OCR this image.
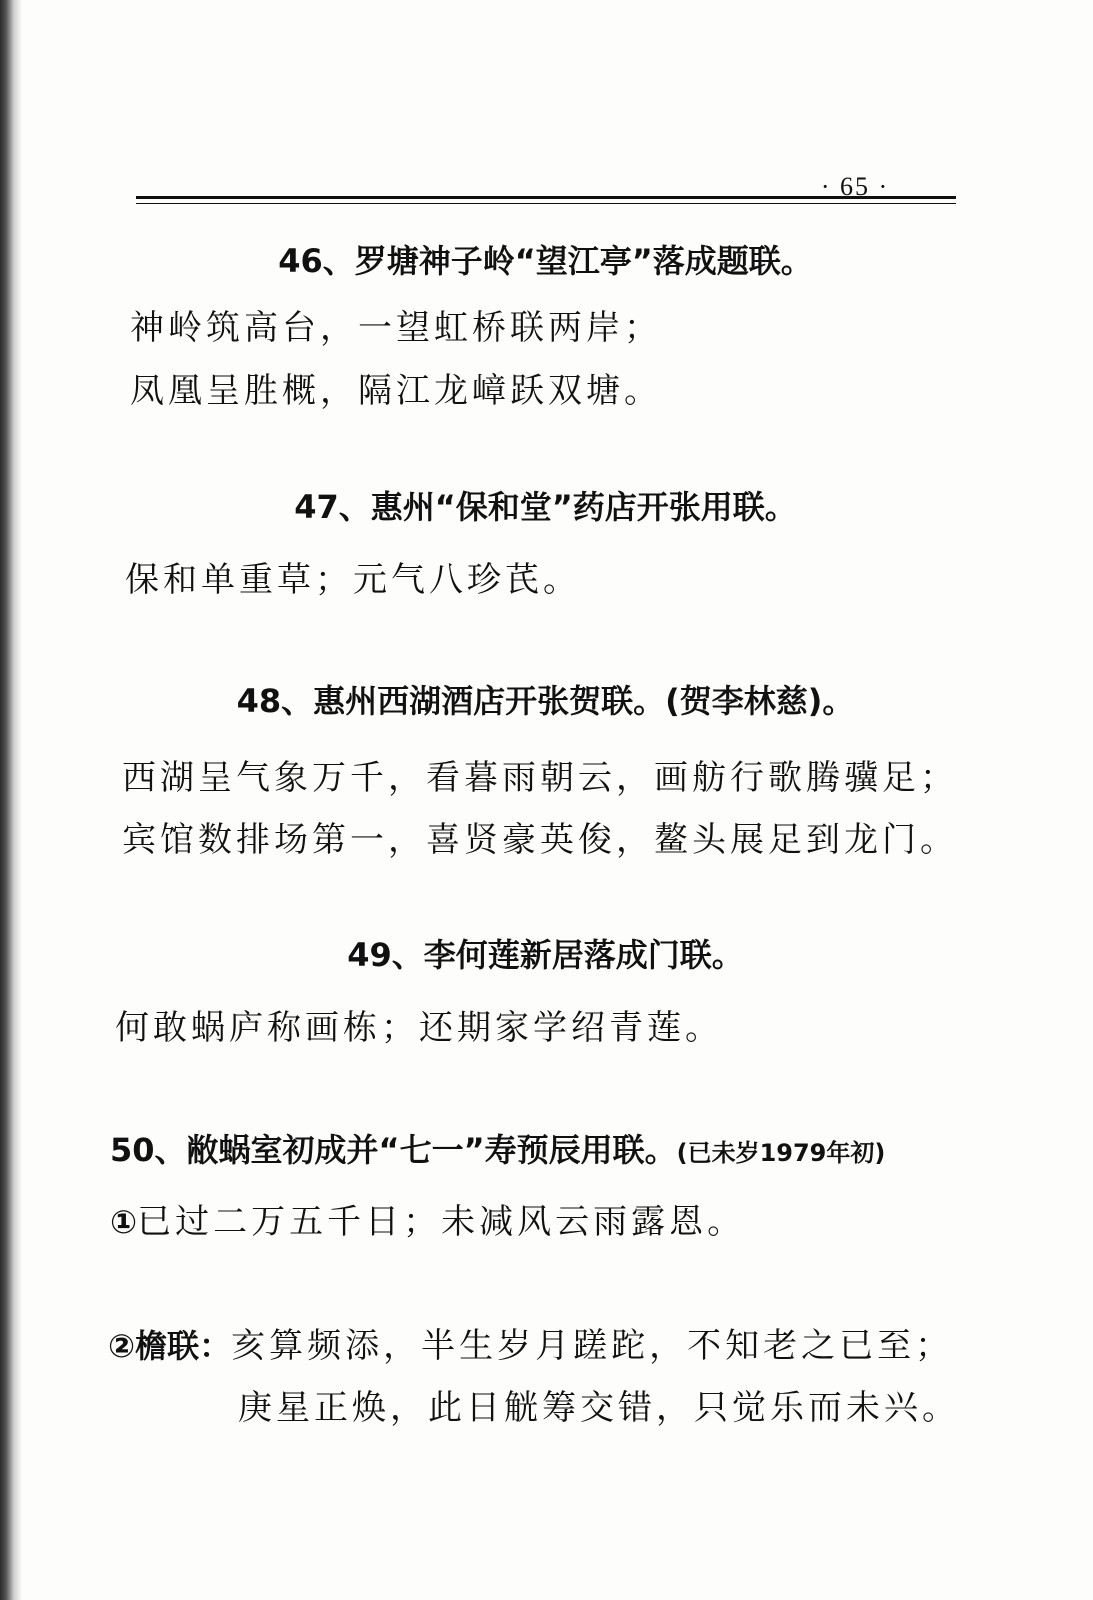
· 65 ·
46、罗塘神子岭“望江亭”落成题联。
神岭筑高台，一望虹桥联两岸；
凤凰呈胜概，隔江龙嶂跃双塘。
47、惠州“保和堂”药店开张用联。
保和单重草；元气八珍芪。
48、惠州西湖酒店开张贺联。(贺李林慈)。
西湖呈气象万千，看暮雨朝云，画舫行歌腾骥足；
宾馆数排场第一，喜贤豪英俊，鳌头展足到龙门。
49、李何莲新居落成门联。
何敢蜗庐称画栋；还期家学绍青莲。
50、敝蜗室初成并“七一”寿预辰用联。(已未岁1979年初)
①已过二万五千日；未减风云雨露恩。
②檐联：亥算频添，半生岁月蹉跎，不知老之已至；
庚星正焕，此日觥筹交错，只觉乐而未兴。
